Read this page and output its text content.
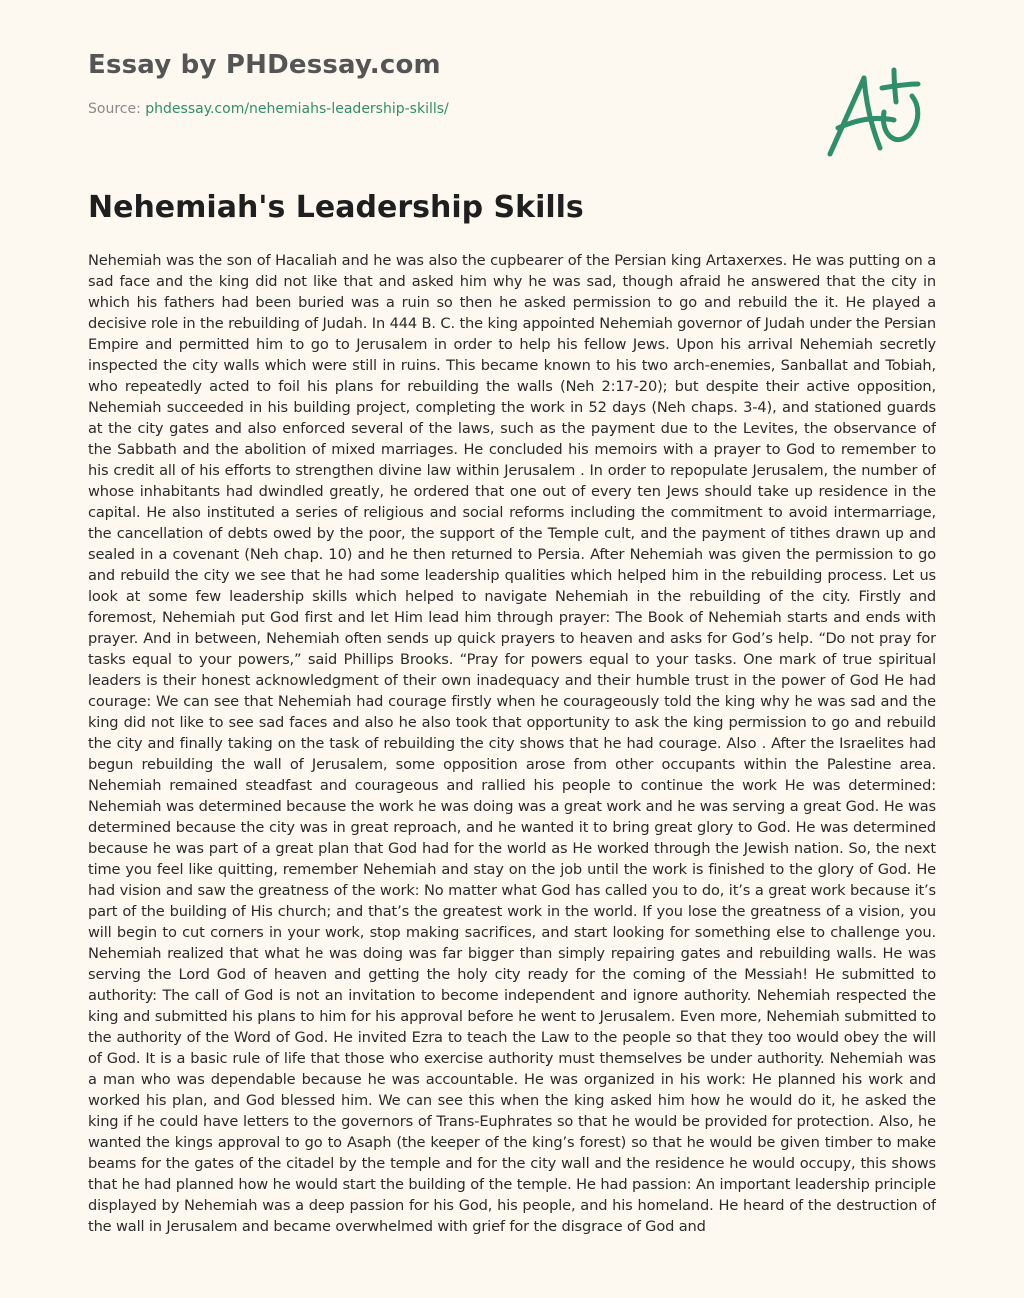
Essay by PHDessay.com
Source: phdessay.com/nehemiahs-leadership-skills/
Nehemiah's Leadership Skills

Nehemiah was the son of Hacaliah and he was also the cupbearer of the Persian king Artaxerxes. He was putting on a sad face and the king did not like that and asked him why he was sad, though afraid he answered that the city in which his fathers had been buried was a ruin so then he asked permission to go and rebuild the it. He played a decisive role in the rebuilding of Judah. In 444 B. C. the king appointed Nehemiah governor of Judah under the Persian Empire and permitted him to go to Jerusalem in order to help his fellow Jews. Upon his arrival Nehemiah secretly inspected the city walls which were still in ruins. This became known to his two arch-enemies, Sanballat and Tobiah, who repeatedly acted to foil his plans for rebuilding the walls (Neh 2:17-20); but despite their active opposition, Nehemiah succeeded in his building project, completing the work in 52 days (Neh chaps. 3-4), and stationed guards at the city gates and also enforced several of the laws, such as the payment due to the Levites, the observance of the Sabbath and the abolition of mixed marriages. He concluded his memoirs with a prayer to God to remember to his credit all of his efforts to strengthen divine law within Jerusalem . In order to repopulate Jerusalem, the number of whose inhabitants had dwindled greatly, he ordered that one out of every ten Jews should take up residence in the capital. He also instituted a series of religious and social reforms including the commitment to avoid intermarriage, the cancellation of debts owed by the poor, the support of the Temple cult, and the payment of tithes drawn up and sealed in a covenant (Neh chap. 10) and he then returned to Persia. After Nehemiah was given the permission to go and rebuild the city we see that he had some leadership qualities which helped him in the rebuilding process. Let us look at some few leadership skills which helped to navigate Nehemiah in the rebuilding of the city. Firstly and foremost, Nehemiah put God first and let Him lead him through prayer: The Book of Nehemiah starts and ends with prayer. And in between, Nehemiah often sends up quick prayers to heaven and asks for God’s help. “Do not pray for tasks equal to your powers,” said Phillips Brooks. “Pray for powers equal to your tasks. One mark of true spiritual leaders is their honest acknowledgment of their own inadequacy and their humble trust in the power of God He had courage: We can see that Nehemiah had courage firstly when he courageously told the king why he was sad and the king did not like to see sad faces and also he also took that opportunity to ask the king permission to go and rebuild the city and finally taking on the task of rebuilding the city shows that he had courage. Also . After the Israelites had begun rebuilding the wall of Jerusalem, some opposition arose from other occupants within the Palestine area. Nehemiah remained steadfast and courageous and rallied his people to continue the work He was determined: Nehemiah was determined because the work he was doing was a great work and he was serving a great God. He was determined because the city was in great reproach, and he wanted it to bring great glory to God. He was determined because he was part of a great plan that God had for the world as He worked through the Jewish nation. So, the next time you feel like quitting, remember Nehemiah and stay on the job until the work is finished to the glory of God. He had vision and saw the greatness of the work: No matter what God has called you to do, it’s a great work because it’s part of the building of His church; and that’s the greatest work in the world. If you lose the greatness of a vision, you will begin to cut corners in your work, stop making sacrifices, and start looking for something else to challenge you. Nehemiah realized that what he was doing was far bigger than simply repairing gates and rebuilding walls. He was serving the Lord God of heaven and getting the holy city ready for the coming of the Messiah! He submitted to authority: The call of God is not an invitation to become independent and ignore authority. Nehemiah respected the king and submitted his plans to him for his approval before he went to Jerusalem. Even more, Nehemiah submitted to the authority of the Word of God. He invited Ezra to teach the Law to the people so that they too would obey the will of God. It is a basic rule of life that those who exercise authority must themselves be under authority. Nehemiah was a man who was dependable because he was accountable. He was organized in his work: He planned his work and worked his plan, and God blessed him. We can see this when the king asked him how he would do it, he asked the king if he could have letters to the governors of Trans-Euphrates so that he would be provided for protection. Also, he wanted the kings approval to go to Asaph (the keeper of the king’s forest) so that he would be given timber to make beams for the gates of the citadel by the temple and for the city wall and the residence he would occupy, this shows that he had planned how he would start the building of the temple. He had passion: An important leadership principle displayed by Nehemiah was a deep passion for his God, his people, and his homeland. He heard of the destruction of the wall in Jerusalem and became overwhelmed with grief for the disgrace of God and
